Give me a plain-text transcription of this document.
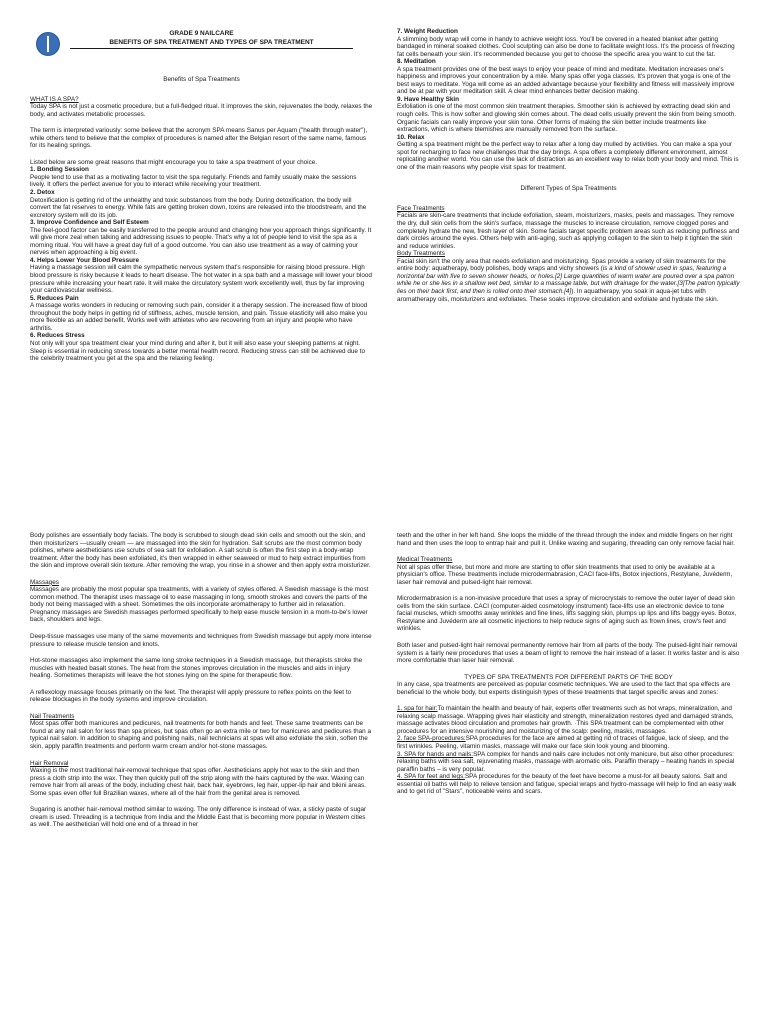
GRADE 9 NAILCARE
BENEFITS OF SPA TREATMENT AND TYPES OF SPA TREATMENT

Benefits of Spa Treatments

WHAT IS A SPA?

Today SPA is not just a cosmetic procedure, but a full-fledged ritual. It improves the skin, rejuvenates the body, relaxes the body, and activates metabolic processes.

The term is interpreted variously: some believe that the acronym SPA means Sanus per Aquam ("health through water"), while others tend to believe that the complex of procedures is named after the Belgian resort of the same name, famous for its healing springs.

Listed below are some great reasons that might encourage you to take a spa treatment of your choice.

1. Bonding Session

People tend to use that as a motivating factor to visit the spa regularly. Friends and family usually make the sessions lively. It offers the perfect avenue for you to interact while receiving your treatment.

2. Detox

Detoxification is getting rid of the unhealthy and toxic substances from the body. During detoxification, the body will convert the fat reserves to energy. While fats are getting broken down, toxins are released into the bloodstream, and the excretory system will do its job.

3. Improve Confidence and Self Esteem

The feel-good factor can be easily transferred to the people around and changing how you approach things significantly. It will give more zeal when talking and addressing issues to people. That's why a lot of people tend to visit the spa as a morning ritual. You will have a great day full of a good outcome. You can also use treatment as a way of calming your nerves when approaching a big event.

4. Helps Lower Your Blood Pressure

Having a massage session will calm the sympathetic nervous system that's responsible for raising blood pressure. High blood pressure is risky because it leads to heart disease. The hot water in a spa bath and a massage will lower your blood pressure while increasing your heart rate. It will make the circulatory system work excellently well, thus by far improving your cardiovascular wellness.

5. Reduces Pain

A massage works wonders in reducing or removing such pain, consider it a therapy session. The increased flow of blood throughout the body helps in getting rid of stiffness, aches, muscle tension, and pain. Tissue elasticity will also make you more flexible as an added benefit. Works well with athletes who are recovering from an injury and people who have arthritis.

6. Reduces Stress

Not only will your spa treatment clear your mind during and after it, but it will also ease your sleeping patterns at night. Sleep is essential in reducing stress towards a better mental health record. Reducing stress can still be achieved due to the celebrity treatment you get at the spa and the relaxing feeling.

7. Weight Reduction

A slimming body wrap will come in handy to achieve weight loss. You'll be covered in a heated blanket after getting bandaged in mineral soaked clothes. Cool sculpting can also be done to facilitate weight loss. It's the process of freezing fat cells beneath your skin. It's recommended because you get to choose the specific area you want to cut the fat.

8. Meditation

A spa treatment provides one of the best ways to enjoy your peace of mind and meditate. Meditation increases one's happiness and improves your concentration by a mile. Many spas offer yoga classes. It's proven that yoga is one of the best ways to meditate. Yoga will come as an added advantage because your flexibility and fitness will massively improve and be at par with your meditation skill. A clear mind enhances better decision making.

9. Have Healthy Skin

Exfoliation is one of the most common skin treatment therapies. Smoother skin is achieved by extracting dead skin and rough cells. This is how softer and glowing skin comes about. The dead cells usually prevent the skin from being smooth. Organic facials can really improve your skin tone. Other forms of making the skin better include treatments like extractions, which is where blemishes are manually removed from the surface.

10. Relax

Getting a spa treatment might be the perfect way to relax after a long day mulled by activities. You can make a spa your spot for recharging to face new challenges that the day brings. A spa offers a completely different environment, almost replicating another world. You can use the lack of distraction as an excellent way to relax both your body and mind. This is one of the main reasons why people visit spas for treatment.

Different Types of Spa Treatments

Face Treatments

Facials are skin-care treatments that include exfoliation, steam, moisturizers, masks, peels and massages. They remove the dry, dull skin cells from the skin's surface, massage the muscles to increase circulation, remove clogged pores and completely hydrate the new, fresh layer of skin. Some facials target specific problem areas such as reducing puffiness and dark circles around the eyes. Others help with anti-aging, such as applying collagen to the skin to help it tighten the skin and reduce wrinkles.

Body Treatments

Facial skin isn't the only area that needs exfoliation and moisturizing. Spas provide a variety of skin treatments for the entire body: aquatherapy, body polishes, body wraps and vichy showers (is a kind of shower used in spas, featuring a horizontal bar with five to seven shower heads, or holes.[2] Large quantities of warm water are poured over a spa patron while he or she lies in a shallow wet bed, similar to a massage table, but with drainage for the water.[3]The patron typically lies on their back first, and then is rolled onto their stomach.[4]). In aquatherapy, you soak in aqua-jet tubs with aromatherapy oils, moisturizers and exfoliates. These soaks improve circulation and exfoliate and hydrate the skin.

Body polishes are essentially body facials. The body is scrubbed to slough dead skin cells and smooth out the skin, and then moisturizers —usually cream — are massaged into the skin for hydration. Salt scrubs are the most common body polishes, where aestheticians use scrubs of sea salt for exfoliation. A salt scrub is often the first step in a body-wrap treatment. After the body has been exfoliated, it's then wrapped in either seaweed or mud to help extract impurities from the skin and improve overall skin texture. After removing the wrap, you rinse in a shower and then apply extra moisturizer.

Massages

Massages are probably the most popular spa treatments, with a variety of styles offered. A Swedish massage is the most common method. The therapist uses massage oil to ease massaging in long, smooth strokes and covers the parts of the body not being massaged with a sheet. Sometimes the oils incorporate aromatherapy to further aid in relaxation. Pregnancy massages are Swedish massages performed specifically to help ease muscle tension in a mom-to-be's lower back, shoulders and legs.

Deep-tissue massages use many of the same movements and techniques from Swedish massage but apply more intense pressure to release muscle tension and knots.

Hot-stone massages also implement the same long stroke techniques in a Swedish massage, but therapists stroke the muscles with heated basalt stones. The heat from the stones improves circulation in the muscles and aids in injury healing. Sometimes therapists will leave the hot stones lying on the spine for therapeutic flow.

A reflexology massage focuses primarily on the feet. The therapist will apply pressure to reflex points on the feet to release blockages in the body systems and improve circulation.

Nail Treatments

Most spas offer both manicures and pedicures, nail treatments for both hands and feet. These same treatments can be found at any nail salon for less than spa prices, but spas often go an extra mile or two for manicures and pedicures than a typical nail salon. In addition to shaping and polishing nails, nail technicians at spas will also exfoliate the skin, soften the skin, apply paraffin treatments and perform warm cream and/or hot-stone massages.

Hair Removal

Waxing is the most traditional hair-removal technique that spas offer. Aestheticians apply hot wax to the skin and then press a cloth strip into the wax. They then quickly pull off the strip along with the hairs captured by the wax. Waxing can remove hair from all areas of the body, including chest hair, back hair, eyebrows, leg hair, upper-lip hair and bikini areas. Some spas even offer full Brazilian waxes, where all of the hair from the genital area is removed.

Sugaring is another hair-removal method similar to waxing. The only difference is instead of wax, a sticky paste of sugar cream is used. Threading is a technique from India and the Middle East that is becoming more popular in Western cities as well. The aesthetician will hold one end of a thread in her

teeth and the other in her left hand. She loops the middle of the thread through the index and middle fingers on her right hand and then uses the loop to entrap hair and pull it. Unlike waxing and sugaring, threading can only remove facial hair.

Medical Treatments

Not all spas offer these, but more and more are starting to offer skin treatments that used to only be available at a physician's office. These treatments include microdermabrasion, CACI face-lifts, Botox injections, Restylane, Juvéderm, laser hair removal and pulsed-light hair removal.

Microdermabrasion is a non-invasive procedure that uses a spray of microcrystals to remove the outer layer of dead skin cells from the skin surface. CACI (computer-aided cosmetology instrument) face-lifts use an electronic device to tone facial muscles, which smooths away wrinkles and fine lines, lifts sagging skin, plumps up lips and lifts baggy eyes. Botox, Restylane and Juvéderm are all cosmetic injections to help reduce signs of aging such as frown lines, crow's feet and wrinkles.

Both laser and pulsed-light hair removal permanently remove hair from all parts of the body. The pulsed-light hair removal system is a fairly new procedures that uses a beam of light to remove the hair instead of a laser. It works faster and is also more comfortable than laser hair removal.

TYPES OF SPA TREATMENTS FOR DIFFERENT PARTS OF THE BODY

In any case, spa treatments are perceived as popular cosmetic techniques. We are used to the fact that spa effects are beneficial to the whole body, but experts distinguish types of these treatments that target specific areas and zones:

1. spa for hair:To maintain the health and beauty of hair, experts offer treatments such as hot wraps, mineralization, and relaxing scalp massage. Wrapping gives hair elasticity and strength, mineralization restores dyed and damaged strands, massage activates blood circulation and promotes hair growth. ·This SPA treatment can be complemented with other procedures for an intensive nourishing and moisturizing of the scalp: peeling, masks, massages.

2. face SPA-procedures:SPA procedures for the face are aimed at getting rid of traces of fatigue, lack of sleep, and the first wrinkles. Peeling, vitamin masks, massage will make our face skin look young and blooming.

3. SPA for hands and nails:SPA complex for hands and nails care includes not only manicure, but also other procedures: relaxing baths with sea salt, rejuvenating masks, massage with aromatic oils. Paraffin therapy – heating hands in special paraffin baths – is very popular.

4. SPA for feet and legs:SPA procedures for the beauty of the feet have become a must-for all beauty salons. Salt and essential oil baths will help to relieve tension and fatigue, special wraps and hydro-massage will help to find an easy walk and to get rid of "Stars", noticeable veins and scars.
